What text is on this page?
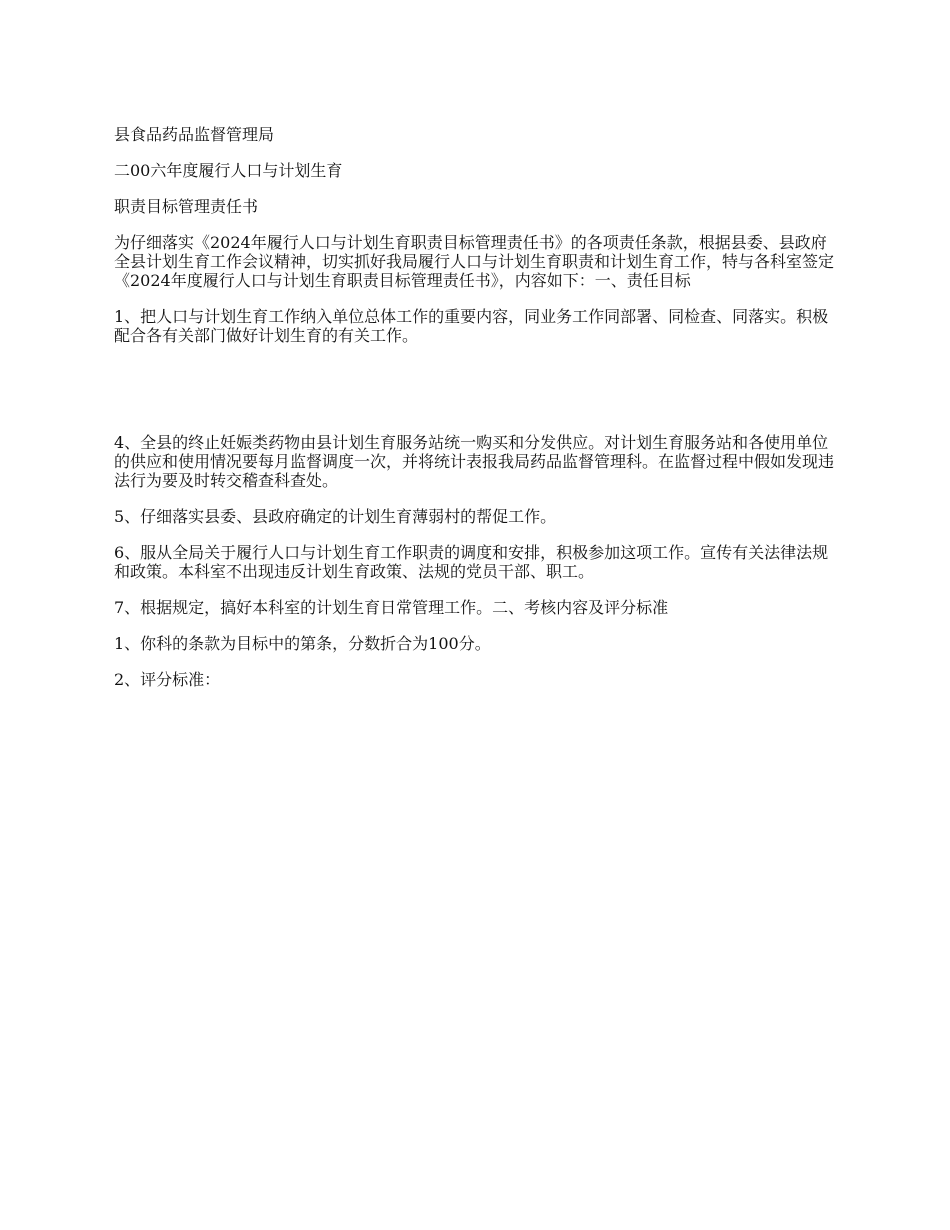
县食品药品监督管理局

二00六年度履行人口与计划生育

职责目标管理责任书

为仔细落实《2024年履行人口与计划生育职责目标管理责任书》的各项责任条款，根据县委、县政府全县计划生育工作会议精神，切实抓好我局履行人口与计划生育职责和计划生育工作，特与各科室签定《2024年度履行人口与计划生育职责目标管理责任书》，内容如下：一、责任目标

1、把人口与计划生育工作纳入单位总体工作的重要内容，同业务工作同部署、同检查、同落实。积极配合各有关部门做好计划生育的有关工作。

4、全县的终止妊娠类药物由县计划生育服务站统一购买和分发供应。对计划生育服务站和各使用单位的供应和使用情况要每月监督调度一次，并将统计表报我局药品监督管理科。在监督过程中假如发现违法行为要及时转交稽查科查处。

5、仔细落实县委、县政府确定的计划生育薄弱村的帮促工作。

6、服从全局关于履行人口与计划生育工作职责的调度和安排，积极参加这项工作。宣传有关法律法规和政策。本科室不出现违反计划生育政策、法规的党员干部、职工。

7、根据规定，搞好本科室的计划生育日常管理工作。二、考核内容及评分标准

1、你科的条款为目标中的第条，分数折合为100分。

2、评分标准：
